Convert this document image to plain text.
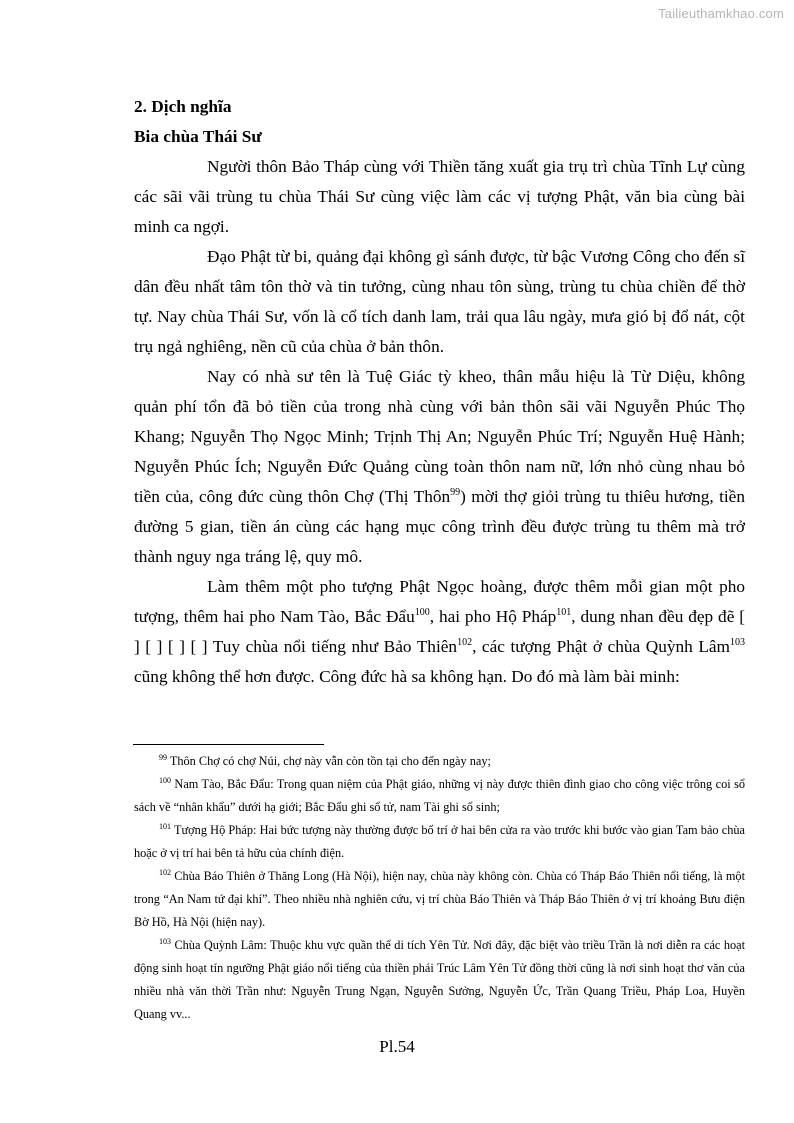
Tailieuthamkhao.com

2. Dịch nghĩa

Bia chùa Thái Sư

Người thôn Bảo Tháp cùng với Thiền tăng xuất gia trụ trì chùa Tĩnh Lự cùng các sãi vãi trùng tu chùa Thái Sư cùng việc làm các vị tượng Phật, văn bia cùng bài minh ca ngợi.

Đạo Phật từ bi, quảng đại không gì sánh được, từ bậc Vương Công cho đến sĩ dân đều nhất tâm tôn thờ và tin tưởng, cùng nhau tôn sùng, trùng tu chùa chiền để thờ tự. Nay chùa Thái Sư, vốn là cổ tích danh lam, trải qua lâu ngày, mưa gió bị đổ nát, cột trụ ngả nghiêng, nền cũ của chùa ở bản thôn.

Nay có nhà sư tên là Tuệ Giác tỳ kheo, thân mẫu hiệu là Từ Diệu, không quản phí tổn đã bỏ tiền của trong nhà cùng với bản thôn sãi vãi Nguyễn Phúc Thọ Khang; Nguyễn Thọ Ngọc Minh; Trịnh Thị An; Nguyễn Phúc Trí; Nguyễn Huệ Hành; Nguyễn Phúc Ích; Nguyễn Đức Quảng cùng toàn thôn nam nữ, lớn nhỏ cùng nhau bỏ tiền của, công đức cùng thôn Chợ (Thị Thôn$^{99}$) mời thợ giỏi trùng tu thiêu hương, tiền đường 5 gian, tiền án cùng các hạng mục công trình đều được trùng tu thêm mà trở thành nguy nga tráng lệ, quy mô.

Làm thêm một pho tượng Phật Ngọc hoàng, được thêm mỗi gian một pho tượng, thêm hai pho Nam Tào, Bắc Đẩu$^{100}$, hai pho Hộ Pháp$^{101}$, dung nhan đều đẹp đẽ [ ] [ ] [ ] [ ] Tuy chùa nổi tiếng như Bảo Thiên$^{102}$, các tượng Phật ở chùa Quỳnh Lâm$^{103}$ cũng không thể hơn được. Công đức hà sa không hạn. Do đó mà làm bài minh:

$^{99}$ Thôn Chợ có chợ Núi, chợ này vẫn còn tồn tại cho đến ngày nay;

$^{100}$ Nam Tào, Bắc Đẩu: Trong quan niệm của Phật giáo, những vị này được thiên đình giao cho công việc trông coi sổ sách về “nhân khẩu” dưới hạ giới; Bắc Đẩu ghi sổ tử, nam Tài ghi sổ sinh;

$^{101}$ Tượng Hộ Pháp: Hai bức tượng này thường được bố trí ở hai bên cửa ra vào trước khi bước vào gian Tam bảo chùa hoặc ở vị trí hai bên tả hữu của chính điện.

$^{102}$ Chùa Báo Thiên ở Thăng Long (Hà Nội), hiện nay, chùa này không còn. Chùa có Tháp Báo Thiên nổi tiếng, là một trong “An Nam tứ đại khí”. Theo nhiều nhà nghiên cứu, vị trí chùa Báo Thiên và Tháp Báo Thiên ở vị trí khoảng Bưu điện Bờ Hồ, Hà Nội (hiện nay).

$^{103}$ Chùa Quỳnh Lâm: Thuộc khu vực quần thể di tích Yên Tử. Nơi đây, đặc biệt vào triều Trần là nơi diễn ra các hoạt động sinh hoạt tín ngưỡng Phật giáo nổi tiếng của thiền phái Trúc Lâm Yên Tử đồng thời cũng là nơi sinh hoạt thơ văn của nhiều nhà văn thời Trần như: Nguyễn Trung Ngạn, Nguyễn Sưởng, Nguyễn Ức, Trần Quang Triều, Pháp Loa, Huyền Quang vv...

Pl.54
